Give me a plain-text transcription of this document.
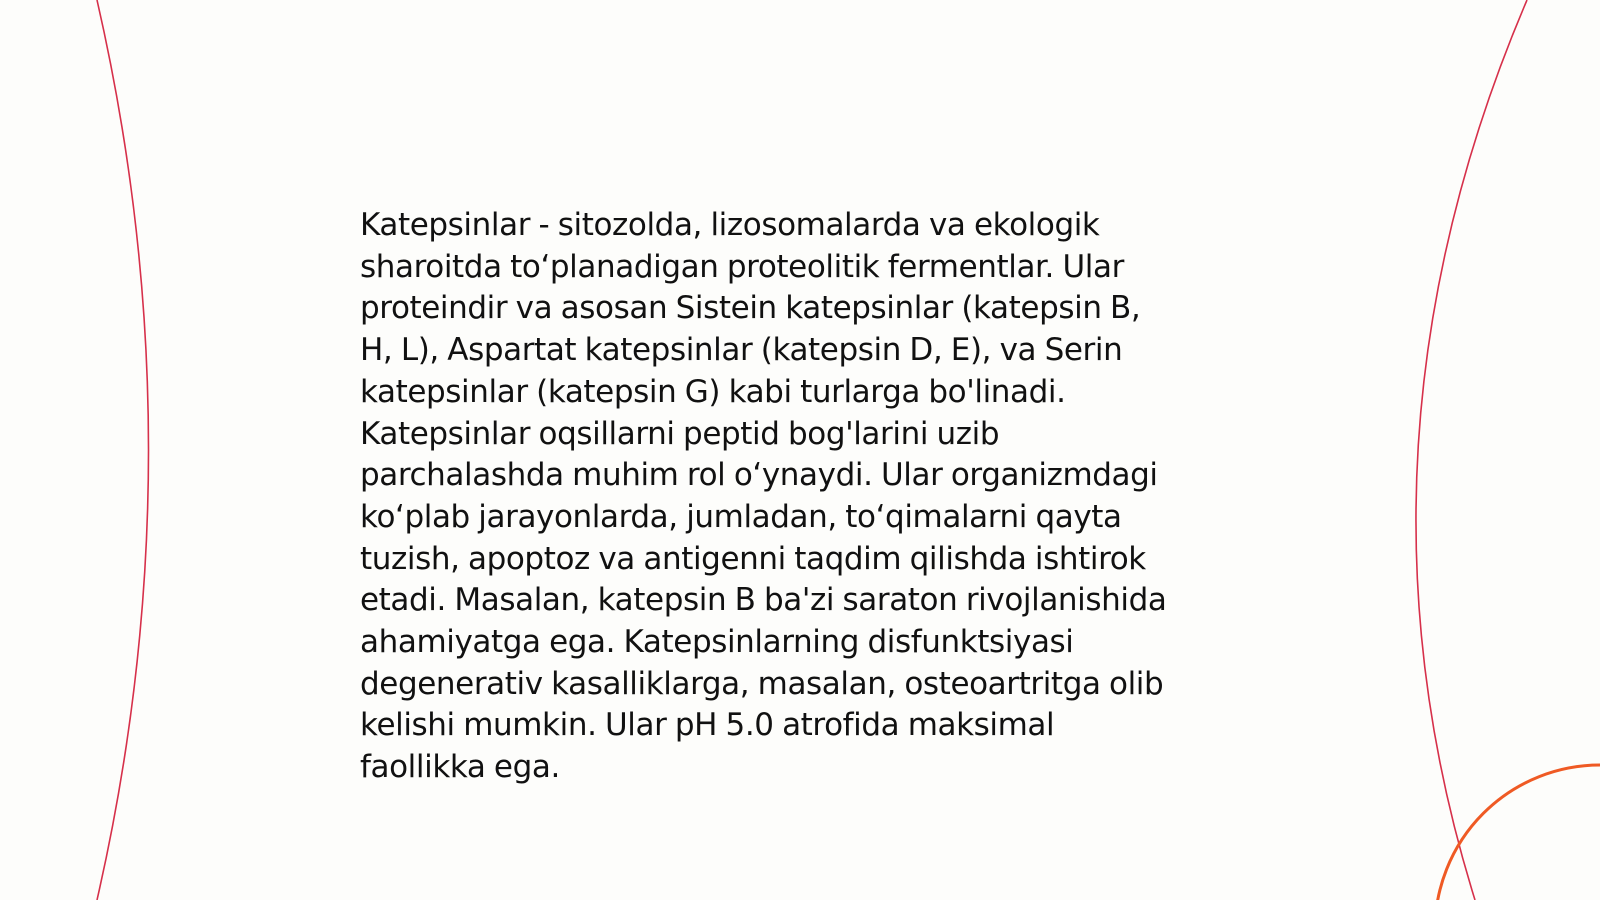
Katepsinlar - sitozolda, lizosomalarda va ekologik
sharoitda to‘planadigan proteolitik fermentlar. Ular
proteindir va asosan Sistein katepsinlar (katepsin B,
H, L), Aspartat katepsinlar (katepsin D, E), va Serin
katepsinlar (katepsin G) kabi turlarga bo'linadi.
Katepsinlar oqsillarni peptid bog'larini uzib
parchalashda muhim rol o‘ynaydi. Ular organizmdagi
ko‘plab jarayonlarda, jumladan, to‘qimalarni qayta
tuzish, apoptoz va antigenni taqdim qilishda ishtirok
etadi. Masalan, katepsin B ba'zi saraton rivojlanishida
ahamiyatga ega. Katepsinlarning disfunktsiyasi
degenerativ kasalliklarga, masalan, osteoartritga olib
kelishi mumkin. Ular pH 5.0 atrofida maksimal
faollikka ega.
